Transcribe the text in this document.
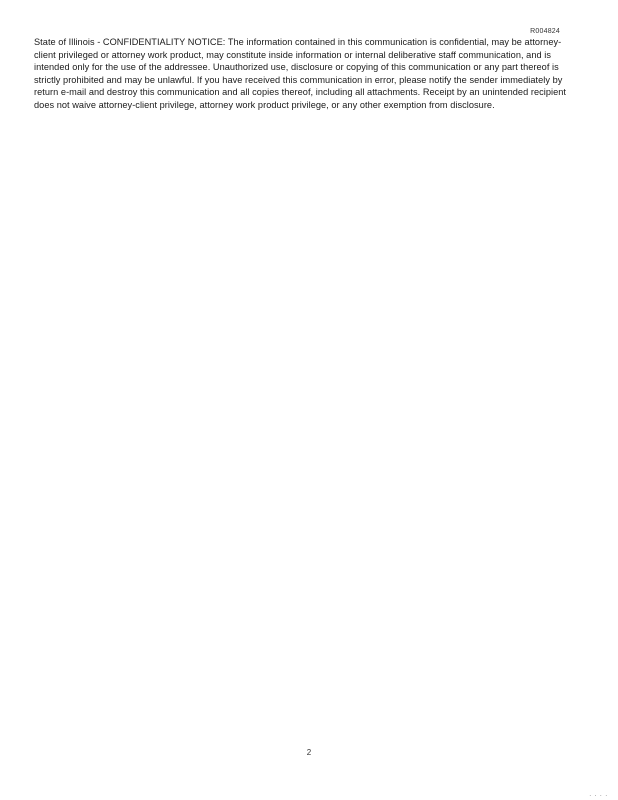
R004824
State of Illinois - CONFIDENTIALITY NOTICE: The information contained in this communication is confidential, may be attorney-client privileged or attorney work product, may constitute inside information or internal deliberative staff communication, and is intended only for the use of the addressee. Unauthorized use, disclosure or copying of this communication or any part thereof is strictly prohibited and may be unlawful. If you have received this communication in error, please notify the sender immediately by return e-mail and destroy this communication and all copies thereof, including all attachments. Receipt by an unintended recipient does not waive attorney-client privilege, attorney work product privilege, or any other exemption from disclosure.
2
. . . .
